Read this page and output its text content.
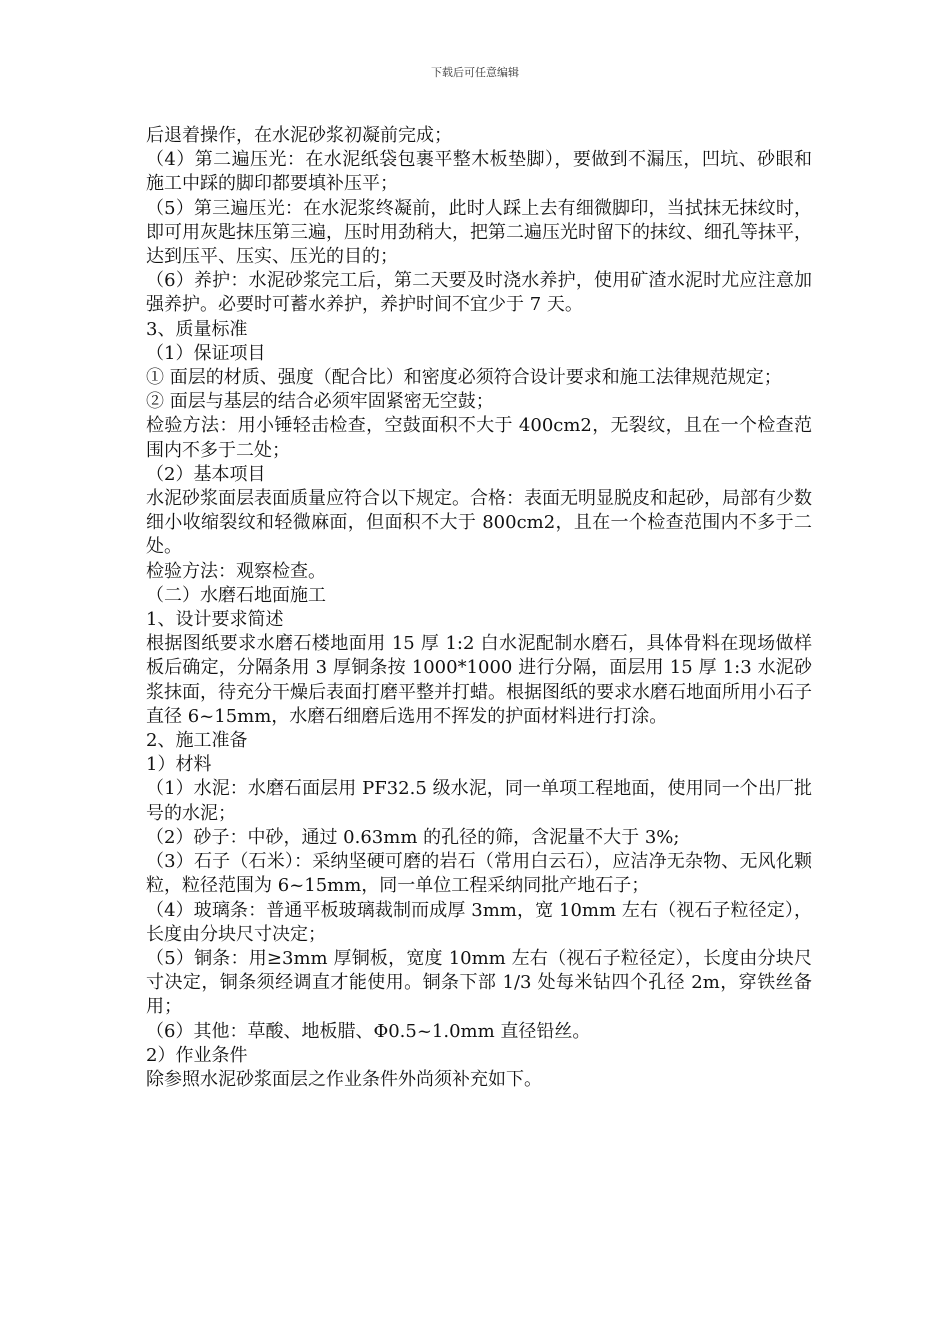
下载后可任意编辑

后退着操作，在水泥砂浆初凝前完成；

（4）第二遍压光：在水泥纸袋包裹平整木板垫脚），要做到不漏压，凹坑、砂眼和施工中踩的脚印都要填补压平；

（5）第三遍压光：在水泥浆终凝前，此时人踩上去有细微脚印，当拭抹无抹纹时，即可用灰匙抹压第三遍，压时用劲稍大，把第二遍压光时留下的抹纹、细孔等抹平，达到压平、压实、压光的目的；

（6）养护：水泥砂浆完工后，第二天要及时浇水养护，使用矿渣水泥时尤应注意加强养护。必要时可蓄水养护，养护时间不宜少于 7 天。

3、质量标准

（1）保证项目

① 面层的材质、强度（配合比）和密度必须符合设计要求和施工法律规范规定；

② 面层与基层的结合必须牢固紧密无空鼓；

检验方法：用小锤轻击检查，空鼓面积不大于 400cm2，无裂纹，且在一个检查范围内不多于二处；

（2）基本项目

水泥砂浆面层表面质量应符合以下规定。合格：表面无明显脱皮和起砂，局部有少数细小收缩裂纹和轻微麻面，但面积不大于 800cm2，且在一个检查范围内不多于二处。

检验方法：观察检查。

（二）水磨石地面施工

1、设计要求简述

根据图纸要求水磨石楼地面用 15 厚 1:2 白水泥配制水磨石，具体骨料在现场做样板后确定，分隔条用 3 厚铜条按 1000*1000 进行分隔，面层用 15 厚 1:3 水泥砂浆抹面，待充分干燥后表面打磨平整并打蜡。根据图纸的要求水磨石地面所用小石子直径 6~15mm，水磨石细磨后选用不挥发的护面材料进行打涂。

2、施工准备

1）材料

（1）水泥：水磨石面层用 PF32.5 级水泥，同一单项工程地面，使用同一个出厂批号的水泥；

（2）砂子：中砂，通过 0.63mm 的孔径的筛，含泥量不大于 3%;

（3）石子（石米）：采纳坚硬可磨的岩石（常用白云石），应洁净无杂物、无风化颗粒，粒径范围为 6~15mm，同一单位工程采纳同批产地石子；

（4）玻璃条：普通平板玻璃裁制而成厚 3mm，宽 10mm 左右（视石子粒径定），长度由分块尺寸决定；

（5）铜条：用≥3mm 厚铜板，宽度 10mm 左右（视石子粒径定），长度由分块尺寸决定，铜条须经调直才能使用。铜条下部 1/3 处每米钻四个孔径 2m，穿铁丝备用；

（6）其他：草酸、地板腊、Φ0.5~1.0mm 直径铅丝。

2）作业条件

除参照水泥砂浆面层之作业条件外尚须补充如下。
